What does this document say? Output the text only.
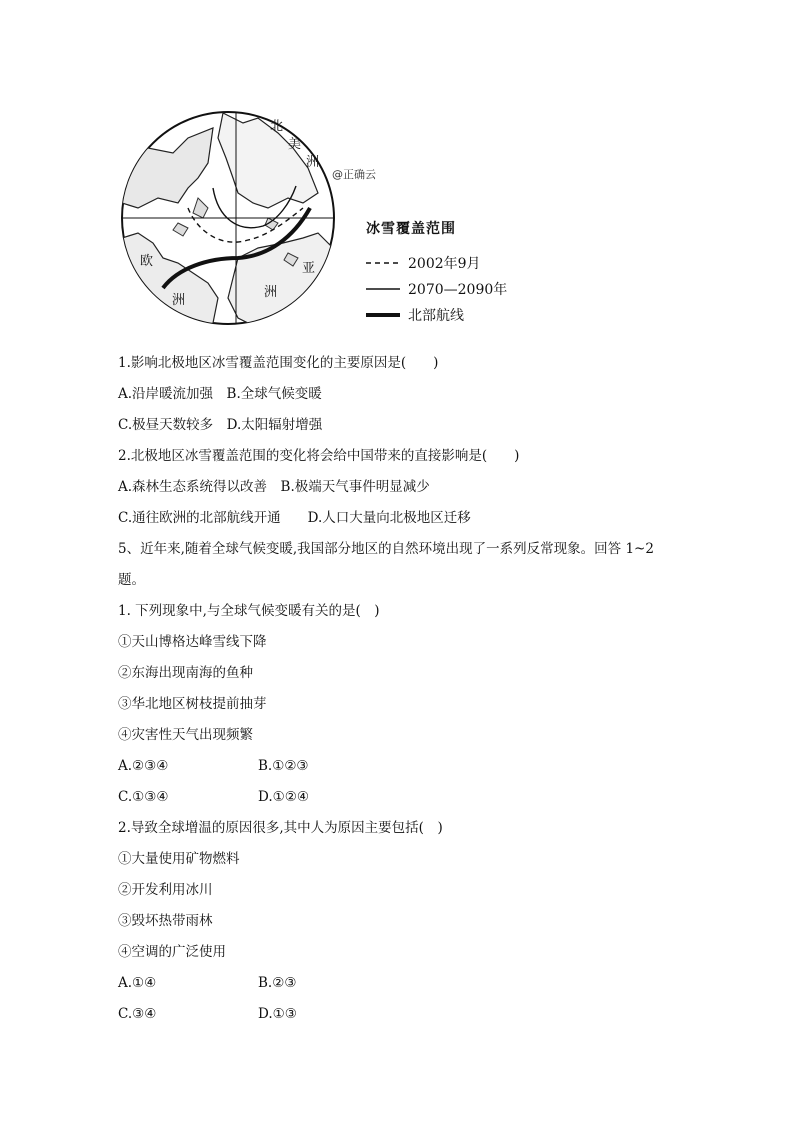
北
美
洲
欧
洲
亚
洲
@正确云
冰雪覆盖范围
2002年9月
2070—2090年
北部航线
1.影响北极地区冰雪覆盖范围变化的主要原因是(　　)
A.沿岸暖流加强　B.全球气候变暖
C.极昼天数较多　D.太阳辐射增强
2.北极地区冰雪覆盖范围的变化将会给中国带来的直接影响是(　　)
A.森林生态系统得以改善　B.极端天气事件明显减少
C.通往欧洲的北部航线开通　　D.人口大量向北极地区迁移
5、近年来,随着全球气候变暖,我国部分地区的自然环境出现了一系列反常现象。回答 1~2
题。
1. 下列现象中,与全球气候变暖有关的是(　)
①天山博格达峰雪线下降
②东海出现南海的鱼种
③华北地区树枝提前抽芽
④灾害性天气出现频繁
A.②③④	B.①②③
C.①③④	D.①②④
2.导致全球增温的原因很多,其中人为原因主要包括(　)
①大量使用矿物燃料
②开发利用冰川
③毁坏热带雨林
④空调的广泛使用
A.①④	B.②③
C.③④	D.①③
